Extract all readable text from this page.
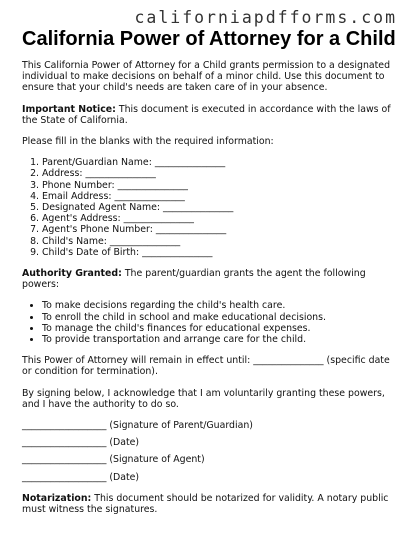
californiapdfforms.com
California Power of Attorney for a Child

This California Power of Attorney for a Child grants permission to a designated individual to make decisions on behalf of a minor child. Use this document to ensure that your child's needs are taken care of in your absence.

Important Notice: This document is executed in accordance with the laws of the State of California.

Please fill in the blanks with the required information:

1. Parent/Guardian Name: _______________
2. Address: _______________
3. Phone Number: _______________
4. Email Address: _______________
5. Designated Agent Name: _______________
6. Agent's Address: _______________
7. Agent's Phone Number: _______________
8. Child's Name: _______________
9. Child's Date of Birth: _______________

Authority Granted: The parent/guardian grants the agent the following powers:

• To make decisions regarding the child's health care.
• To enroll the child in school and make educational decisions.
• To manage the child's finances for educational expenses.
• To provide transportation and arrange care for the child.

This Power of Attorney will remain in effect until: _______________ (specific date or condition for termination).

By signing below, I acknowledge that I am voluntarily granting these powers, and I have the authority to do so.

__________________ (Signature of Parent/Guardian)

__________________ (Date)

__________________ (Signature of Agent)

__________________ (Date)

Notarization: This document should be notarized for validity. A notary public must witness the signatures.
